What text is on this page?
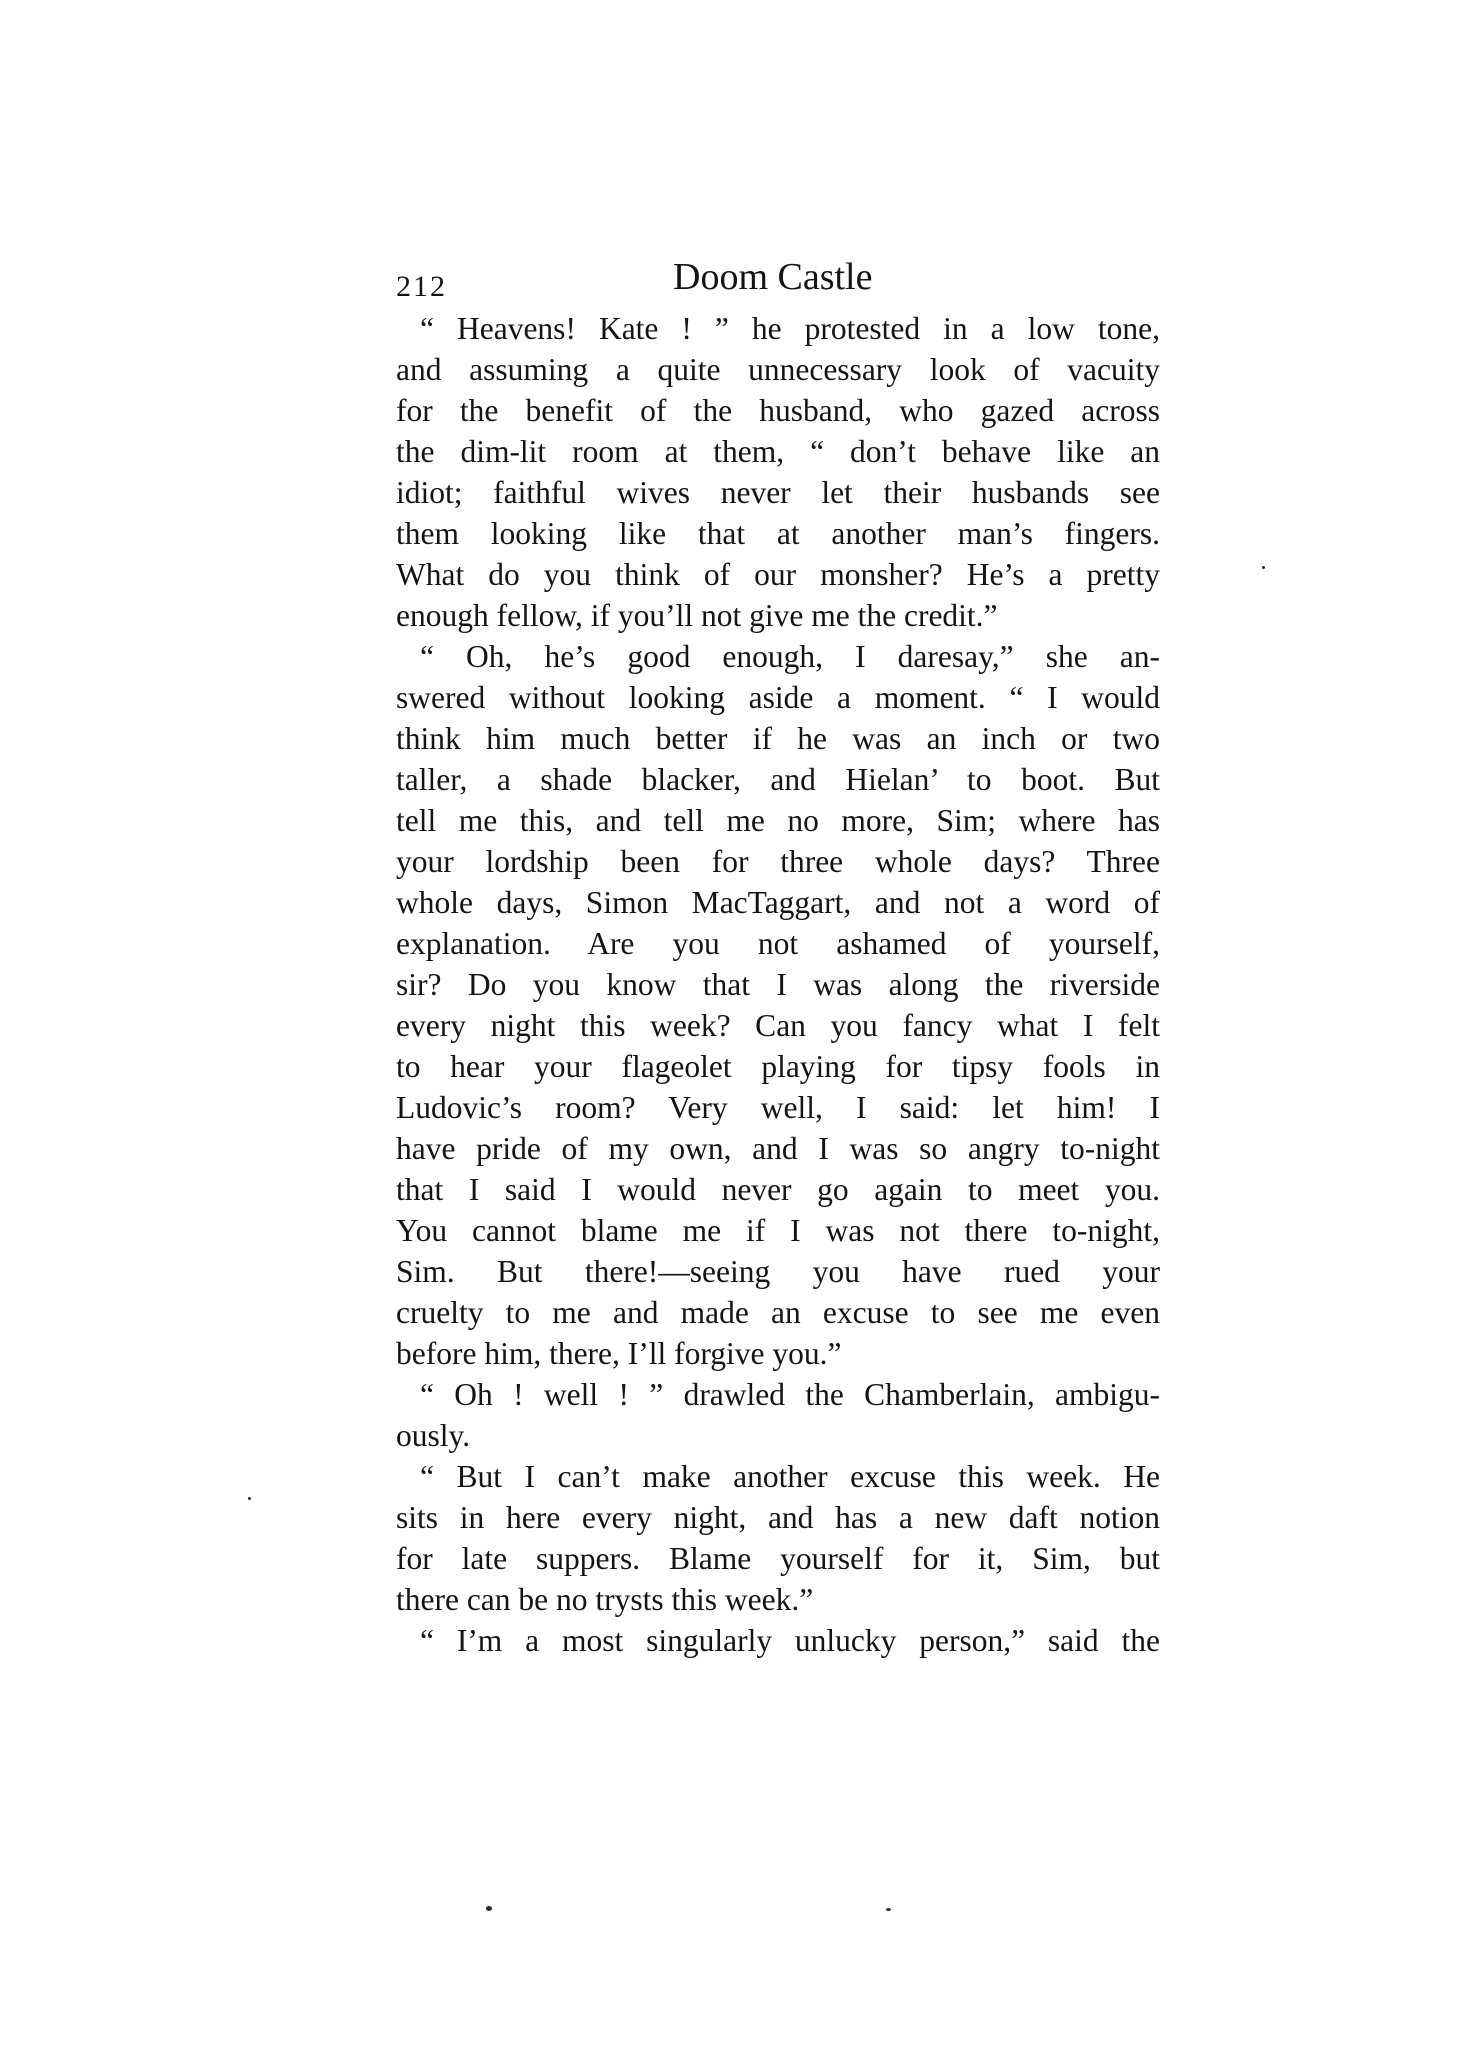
212	Doom Castle
“ Heavens! Kate ! ” he protested in a low tone,
and assuming a quite unnecessary look of vacuity
for the benefit of the husband, who gazed across
the dim-lit room at them, “ don’t behave like an
idiot; faithful wives never let their husbands see
them looking like that at another man’s fingers.
What do you think of our monsher? He’s a pretty
enough fellow, if you’ll not give me the credit.”
“ Oh, he’s good enough, I daresay,” she an-
swered without looking aside a moment. “ I would
think him much better if he was an inch or two
taller, a shade blacker, and Hielan’ to boot. But
tell me this, and tell me no more, Sim; where has
your lordship been for three whole days? Three
whole days, Simon MacTaggart, and not a word of
explanation. Are you not ashamed of yourself,
sir? Do you know that I was along the riverside
every night this week? Can you fancy what I felt
to hear your flageolet playing for tipsy fools in
Ludovic’s room? Very well, I said: let him! I
have pride of my own, and I was so angry to-night
that I said I would never go again to meet you.
You cannot blame me if I was not there to-night,
Sim. But there!—seeing you have rued your
cruelty to me and made an excuse to see me even
before him, there, I’ll forgive you.”
“ Oh ! well ! ” drawled the Chamberlain, ambigu-
ously.
“ But I can’t make another excuse this week. He
sits in here every night, and has a new daft notion
for late suppers. Blame yourself for it, Sim, but
there can be no trysts this week.”
“ I’m a most singularly unlucky person,” said the
